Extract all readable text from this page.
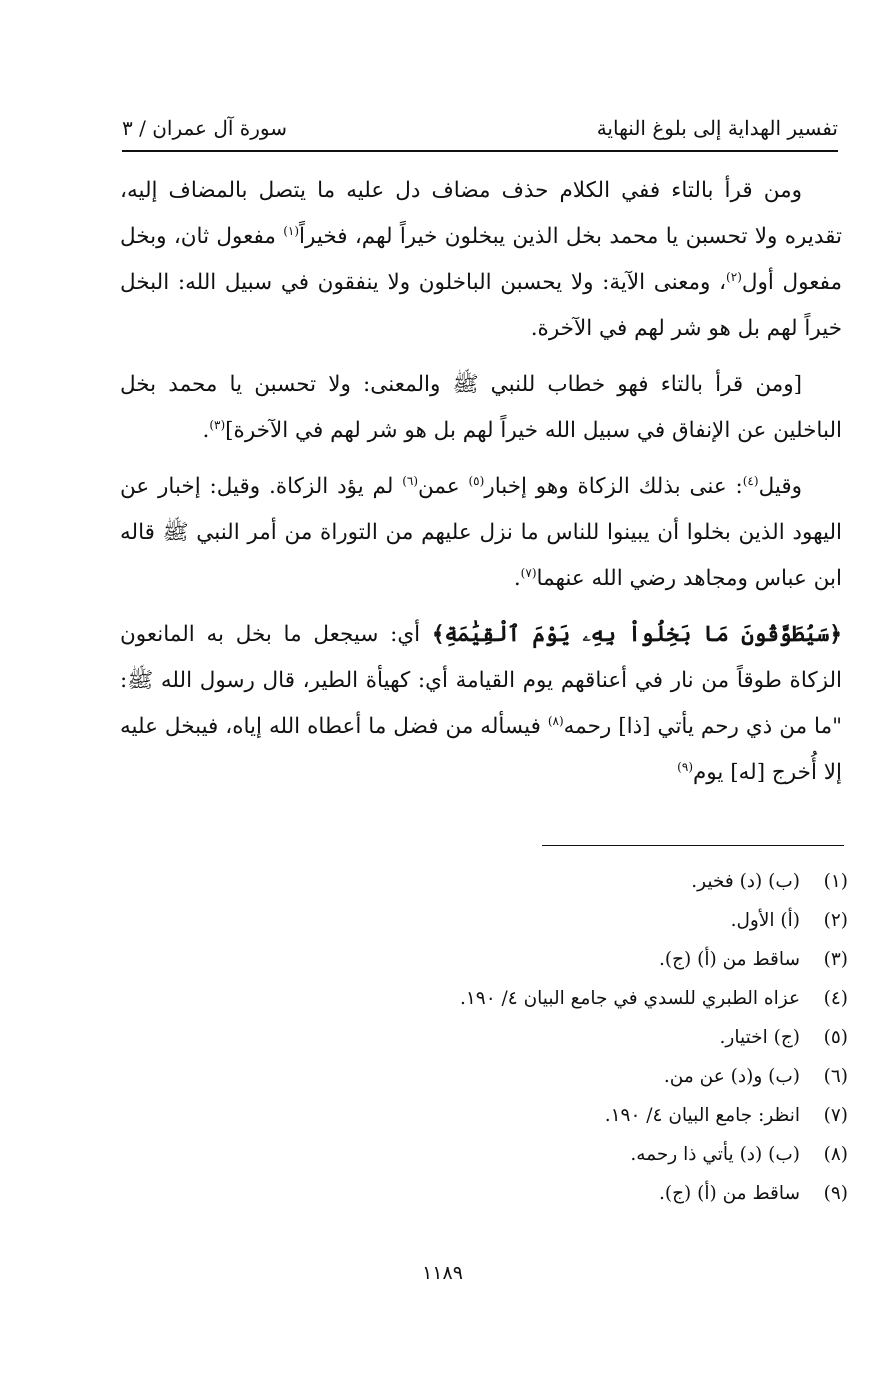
تفسير الهداية إلى بلوغ النهاية
سورة آل عمران / ٣

ومن قرأ بالتاء ففي الكلام حذف مضاف دل عليه ما يتصل بالمضاف إليه، تقديره ولا تحسبن يا محمد بخل الذين يبخلون خيراً لهم، فخيراً$^{(١)}$ مفعول ثان، وبخل مفعول أول$^{(٢)}$، ومعنى الآية: ولا يحسبن الباخلون ولا ينفقون في سبيل الله: البخل خيراً لهم بل هو شر لهم في الآخرة.

[ومن قرأ بالتاء فهو خطاب للنبي ﷺ والمعنى: ولا تحسبن يا محمد بخل الباخلين عن الإنفاق في سبيل الله خيراً لهم بل هو شر لهم في الآخرة]$^{(٣)}$.

وقيل$^{(٤)}$: عنى بذلك الزكاة وهو إخبار$^{(٥)}$ عمن$^{(٦)}$ لم يؤد الزكاة. وقيل: إخبار عن اليهود الذين بخلوا أن يبينوا للناس ما نزل عليهم من التوراة من أمر النبي ﷺ قاله ابن عباس ومجاهد رضي الله عنهما$^{(٧)}$.

﴿سَيُطَوَّقُونَ مَا بَخِلُواْ بِهِۦ يَوْمَ ٱلْقِيَٰمَةِ﴾ أي: سيجعل ما بخل به المانعون الزكاة طوقاً من نار في أعناقهم يوم القيامة أي: كهيأة الطير، قال رسول الله ﷺ: "ما من ذي رحم يأتي [ذا] رحمه$^{(٨)}$ فيسأله من فضل ما أعطاه الله إياه، فيبخل عليه إلا أُخرج [له] يوم$^{(٩)}$

(١)
(ب) (د) فخير.
(٢)
(أ) الأول.
(٣)
ساقط من (أ) (ج).
(٤)
عزاه الطبري للسدي في جامع البيان ٤/ ١٩٠.
(٥)
(ج) اختيار.
(٦)
(ب) و(د) عن من.
(٧)
انظر: جامع البيان ٤/ ١٩٠.
(٨)
(ب) (د) يأتي ذا رحمه.
(٩)
ساقط من (أ) (ج).
١١٨٩
